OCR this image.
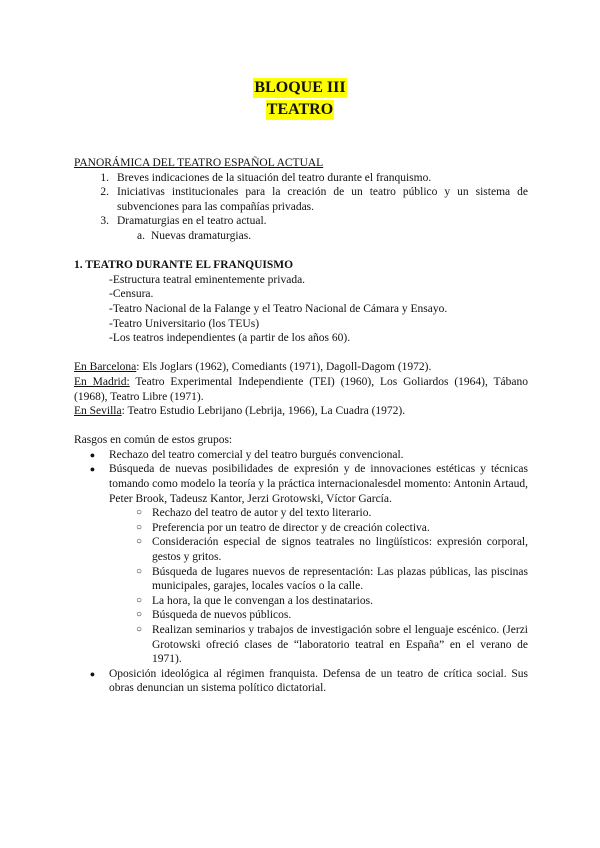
BLOQUE III
TEATRO

PANORÁMICA DEL TEATRO ESPAÑOL ACTUAL

1. Breves indicaciones de la situación del teatro durante el franquismo.
2. Iniciativas institucionales para la creación de un teatro público y un sistema de subvenciones para las compañías privadas.
3. Dramaturgias en el teatro actual.
a. Nuevas dramaturgias.

1. TEATRO DURANTE EL FRANQUISMO

-Estructura teatral eminentemente privada.

-Censura.

-Teatro Nacional de la Falange y el Teatro Nacional de Cámara y Ensayo.

-Teatro Universitario (los TEUs)

-Los teatros independientes (a partir de los años 60).

En Barcelona: Els Joglars (1962), Comediants (1971), Dagoll-Dagom (1972).

En Madrid: Teatro Experimental Independiente (TEI) (1960), Los Goliardos (1964), Tábano (1968), Teatro Libre (1971).

En Sevilla: Teatro Estudio Lebrijano (Lebrija, 1966), La Cuadra (1972).

Rasgos en común de estos grupos:

●	Rechazo del teatro comercial y del teatro burgués convencional.
●	Búsqueda de nuevas posibilidades de expresión y de innovaciones estéticas y técnicas tomando como modelo la teoría y la práctica internacionalesdel momento: Antonin Artaud, Peter Brook, Tadeusz Kantor, Jerzi Grotowski, Víctor García.
○ Rechazo del teatro de autor y del texto literario.
○ Preferencia por un teatro de director y de creación colectiva.
○ Consideración especial de signos teatrales no lingüísticos: expresión corporal, gestos y gritos.
○ Búsqueda de lugares nuevos de representación: Las plazas públicas, las piscinas municipales, garajes, locales vacíos o la calle.
○ La hora, la que le convengan a los destinatarios.
○ Búsqueda de nuevos públicos.
○ Realizan seminarios y trabajos de investigación sobre el lenguaje escénico. (Jerzi Grotowski ofreció clases de “laboratorio teatral en España” en el verano de 1971).
●	Oposición ideológica al régimen franquista. Defensa de un teatro de crítica social. Sus obras denuncian un sistema político dictatorial.
